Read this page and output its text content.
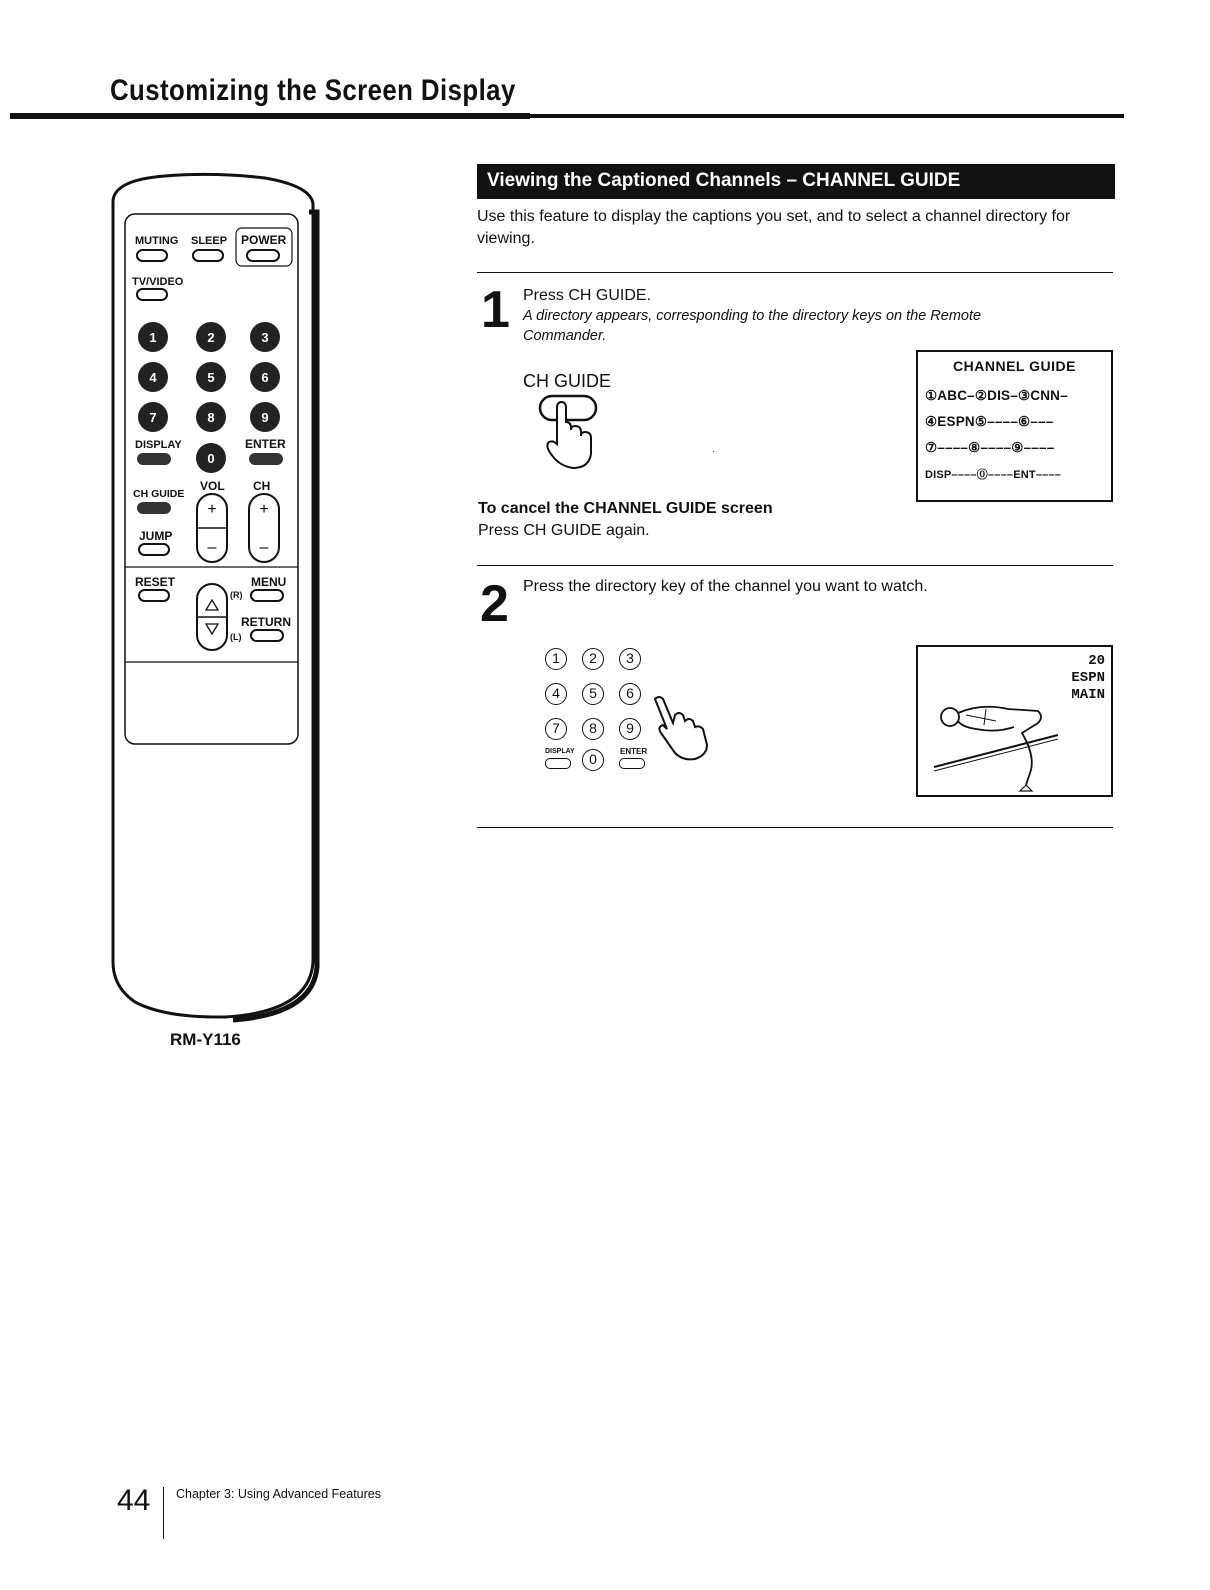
Customizing the Screen Display
MUTING SLEEP POWER
TV/VIDEO
1	2	3
4	5	6
7	8	9
0
DISPLAY	ENTER
VOL CH
CH GUIDE
+
–
+
–
JUMP
RESET	MENU
RETURN
(R)
(L)
RM-Y116
Viewing the Captioned Channels – CHANNEL GUIDE
Use this feature to display the captions you set, and to select a channel directory for viewing.
1 Press CH GUIDE.
A directory appears, corresponding to the directory keys on the Remote Commander.
CH GUIDE
·
To cancel the CHANNEL GUIDE screen
Press CH GUIDE again.
CHANNEL GUIDE
①ABC–②DIS–③CNN–
④ESPN⑤––––⑥–––
⑦––––⑧––––⑨––––
DISP––––⓪––––ENT––––
2 Press the directory key of the channel you want to watch.
1	2	3
4	5	6
7	8	9
0
DISPLAY	ENTER
20
ESPN
MAIN
44 Chapter 3: Using Advanced Features
